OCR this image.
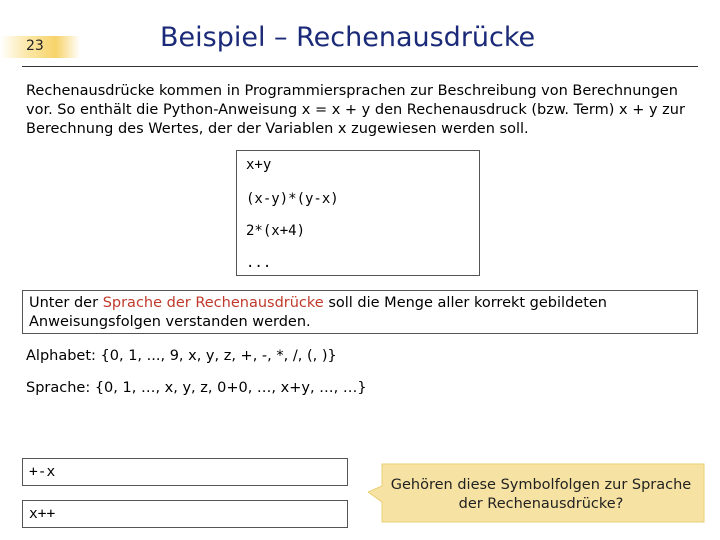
23	Beispiel – Rechenausdrücke
Rechenausdrücke kommen in Programmiersprachen zur Beschreibung von Berechnungen vor. So enthält die Python-Anweisung x = x + y den Rechenausdruck (bzw. Term) x + y zur Berechnung des Wertes, der der Variablen x zugewiesen werden soll.
x+y
(x-y)*(y-x)
2*(x+4)
...
Unter der Sprache der Rechenausdrücke soll die Menge aller korrekt gebildeten Anweisungsfolgen verstanden werden.
Alphabet: {0, 1, ..., 9, x, y, z, +, -, *, /, (, )}
Sprache: {0, 1, …, x, y, z, 0+0, …, x+y, …, …}
+-x
x++
Gehören diese Symbolfolgen zur Sprache der Rechenausdrücke?
